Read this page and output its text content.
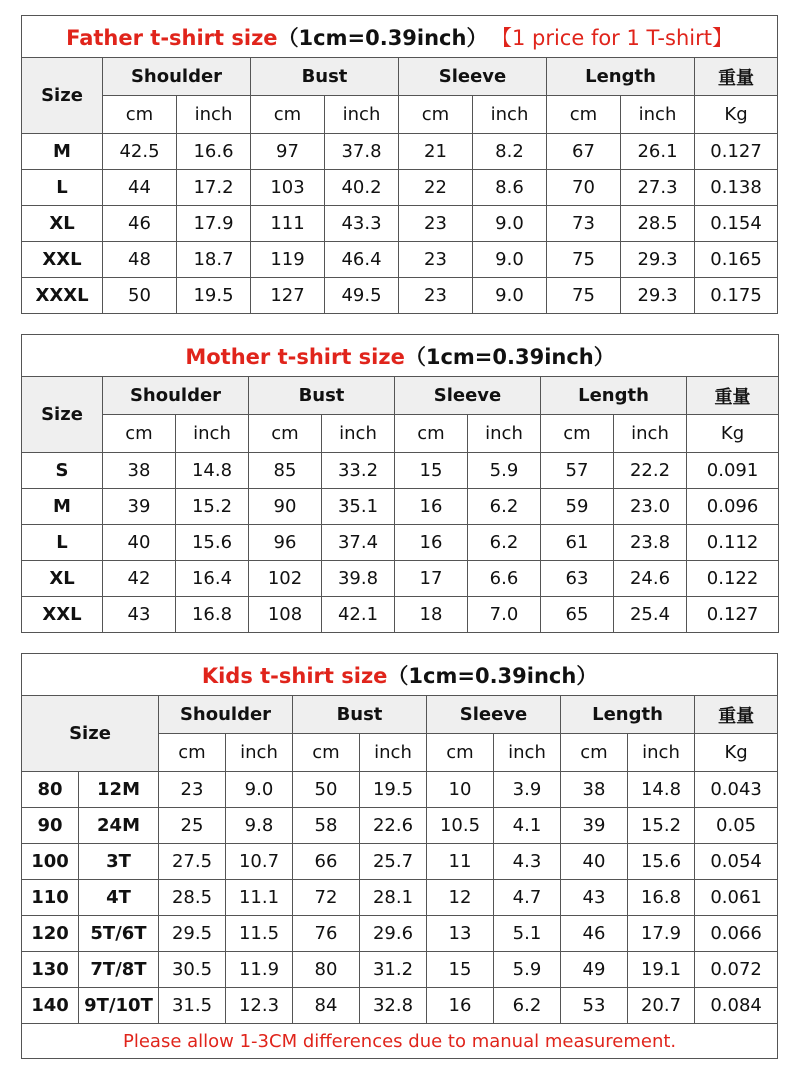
Father t-shirt size（1cm=0.39inch） 【1 price for 1 T-shirt】									
Size	Shoulder		Bust		Sleeve		Length		重量
	cm	inch	cm	inch	cm	inch	cm	inch	Kg
M	42.5	16.6	97	37.8	21	8.2	67	26.1	0.127
L	44	17.2	103	40.2	22	8.6	70	27.3	0.138
XL	46	17.9	111	43.3	23	9.0	73	28.5	0.154
XXL	48	18.7	119	46.4	23	9.0	75	29.3	0.165
XXXL	50	19.5	127	49.5	23	9.0	75	29.3	0.175
Mother t-shirt size（1cm=0.39inch）									
Size	Shoulder		Bust		Sleeve		Length		重量
	cm	inch	cm	inch	cm	inch	cm	inch	Kg
S	38	14.8	85	33.2	15	5.9	57	22.2	0.091
M	39	15.2	90	35.1	16	6.2	59	23.0	0.096
L	40	15.6	96	37.4	16	6.2	61	23.8	0.112
XL	42	16.4	102	39.8	17	6.6	63	24.6	0.122
XXL	43	16.8	108	42.1	18	7.0	65	25.4	0.127
Kids t-shirt size（1cm=0.39inch）										
Size		Shoulder		Bust		Sleeve		Length		重量
		cm	inch	cm	inch	cm	inch	cm	inch	Kg
80	12M	23	9.0	50	19.5	10	3.9	38	14.8	0.043
90	24M	25	9.8	58	22.6	10.5	4.1	39	15.2	0.05
100	3T	27.5	10.7	66	25.7	11	4.3	40	15.6	0.054
110	4T	28.5	11.1	72	28.1	12	4.7	43	16.8	0.061
120	5T/6T	29.5	11.5	76	29.6	13	5.1	46	17.9	0.066
130	7T/8T	30.5	11.9	80	31.2	15	5.9	49	19.1	0.072
140	9T/10T	31.5	12.3	84	32.8	16	6.2	53	20.7	0.084
Please allow 1-3CM differences due to manual measurement.										
